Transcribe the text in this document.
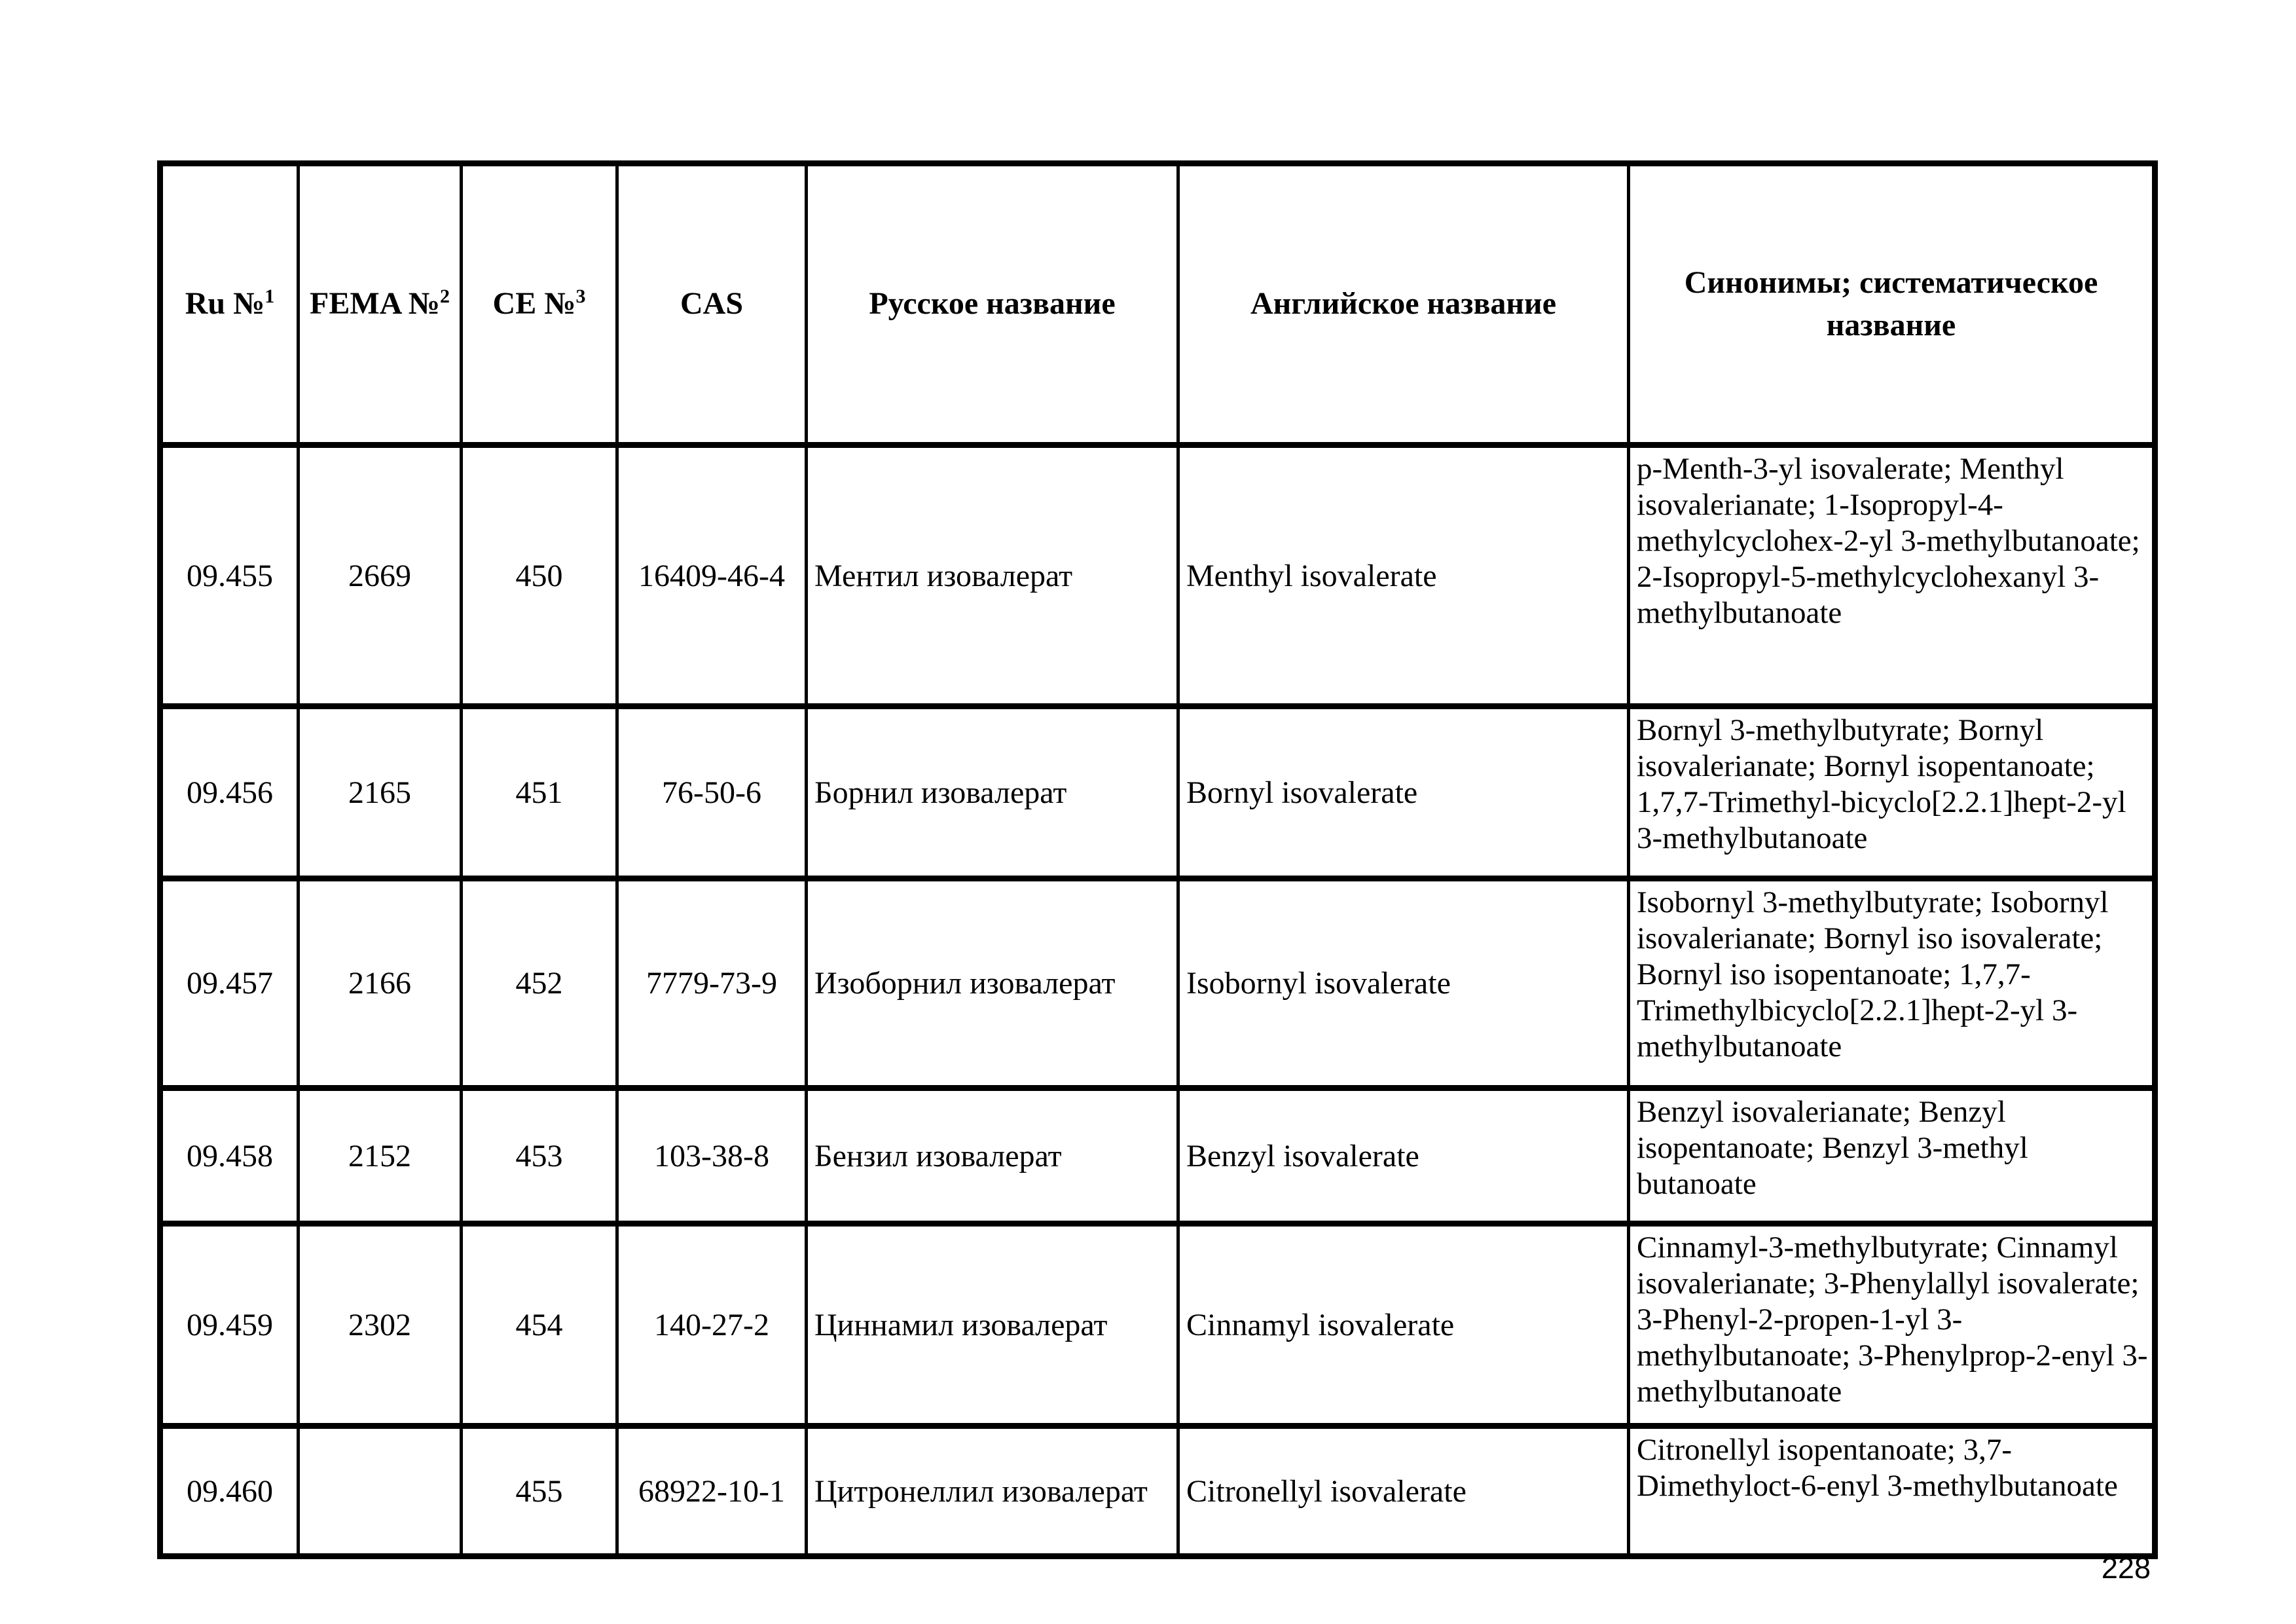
Ru №$^1$	FEMA №$^2$	CE №$^3$	CAS	Русское название	Английское название	Синонимы; систематическое название
09.455	2669	450	16409-46-4	Ментил изовалерат	Menthyl isovalerate	p-Menth-3-yl isovalerate; Menthyl isovalerianate; 1-Isopropyl-4-methylcyclohex-2-yl 3-methylbutanoate; 2-Isopropyl-5-methylcyclohexanyl 3-methylbutanoate
09.456	2165	451	76-50-6	Борнил изовалерат	Bornyl isovalerate	Bornyl 3-methylbutyrate; Bornyl isovalerianate; Bornyl isopentanoate; 1,7,7-Trimethyl-bicyclo[2.2.1]hept-2-yl 3-methylbutanoate
09.457	2166	452	7779-73-9	Изоборнил изовалерат	Isobornyl isovalerate	Isobornyl 3-methylbutyrate; Isobornyl isovalerianate; Bornyl iso isovalerate; Bornyl iso isopentanoate; 1,7,7-Trimethylbicyclo[2.2.1]hept-2-yl 3-methylbutanoate
09.458	2152	453	103-38-8	Бензил изовалерат	Benzyl isovalerate	Benzyl isovalerianate; Benzyl isopentanoate; Benzyl 3-methyl butanoate
09.459	2302	454	140-27-2	Циннамил изовалерат	Cinnamyl isovalerate	Cinnamyl-3-methylbutyrate; Cinnamyl isovalerianate; 3-Phenylallyl isovalerate; 3-Phenyl-2-propen-1-yl 3-methylbutanoate; 3-Phenylprop-2-enyl 3-methylbutanoate
09.460		455	68922-10-1	Цитронеллил изовалерат	Citronellyl isovalerate	Citronellyl isopentanoate; 3,7-Dimethyloct-6-enyl 3-methylbutanoate
228
